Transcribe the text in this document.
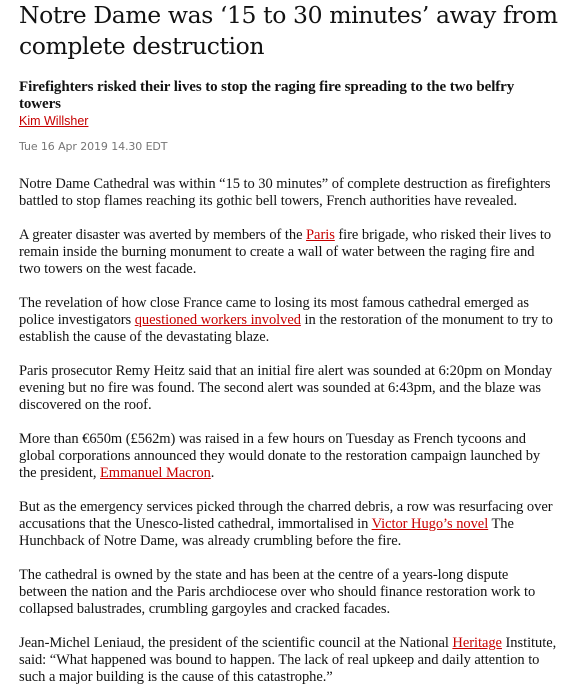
Notre Dame was ‘15 to 30 minutes’ away from complete destruction

Firefighters risked their lives to stop the raging fire spreading to the two belfry towers

Kim Willsher

Tue 16 Apr 2019 14.30 EDT

Notre Dame Cathedral was within “15 to 30 minutes” of complete destruction as firefighters battled to stop flames reaching its gothic bell towers, French authorities have revealed.

A greater disaster was averted by members of the Paris fire brigade, who risked their lives to remain inside the burning monument to create a wall of water between the raging fire and two towers on the west facade.

The revelation of how close France came to losing its most famous cathedral emerged as police investigators questioned workers involved in the restoration of the monument to try to establish the cause of the devastating blaze.

Paris prosecutor Remy Heitz said that an initial fire alert was sounded at 6:20pm on Monday evening but no fire was found. The second alert was sounded at 6:43pm, and the blaze was discovered on the roof.

More than €650m (£562m) was raised in a few hours on Tuesday as French tycoons and global corporations announced they would donate to the restoration campaign launched by the president, Emmanuel Macron.

But as the emergency services picked through the charred debris, a row was resurfacing over accusations that the Unesco-listed cathedral, immortalised in Victor Hugo’s novel The Hunchback of Notre Dame, was already crumbling before the fire.

The cathedral is owned by the state and has been at the centre of a years-long dispute between the nation and the Paris archdiocese over who should finance restoration work to collapsed balustrades, crumbling gargoyles and cracked facades.

Jean-Michel Leniaud, the president of the scientific council at the National Heritage Institute, said: “What happened was bound to happen. The lack of real upkeep and daily attention to such a major building is the cause of this catastrophe.”
